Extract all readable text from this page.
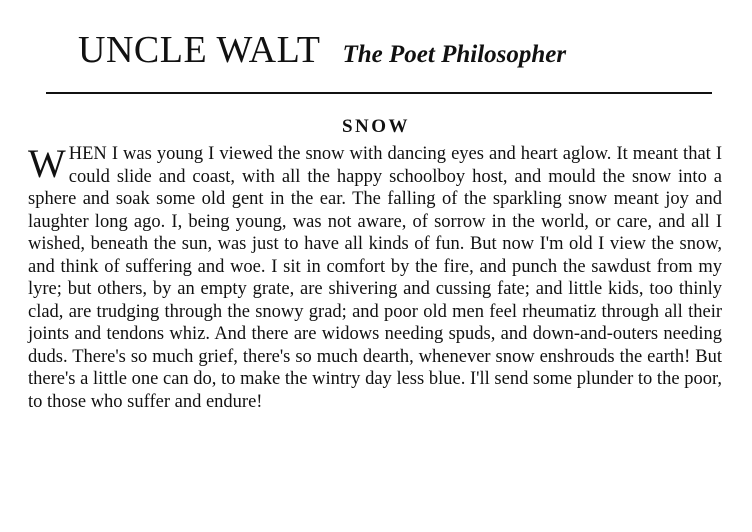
UNCLE WALT The Poet Philosopher
SNOW

WHEN I was young I viewed the snow with dancing eyes and heart aglow. It meant that I could slide and coast, with all the happy schoolboy host, and mould the snow into a sphere and soak some old gent in the ear. The falling of the sparkling snow meant joy and laughter long ago. I, being young, was not aware, of sorrow in the world, or care, and all I wished, beneath the sun, was just to have all kinds of fun. But now I'm old I view the snow, and think of suffering and woe. I sit in comfort by the fire, and punch the sawdust from my lyre; but others, by an empty grate, are shivering and cussing fate; and little kids, too thinly clad, are trudging through the snowy grad; and poor old men feel rheumatiz through all their joints and tendons whiz. And there are widows needing spuds, and down-and-outers needing duds. There's so much grief, there's so much dearth, whenever snow enshrouds the earth! But there's a little one can do, to make the wintry day less blue. I'll send some plunder to the poor, to those who suffer and endure!
